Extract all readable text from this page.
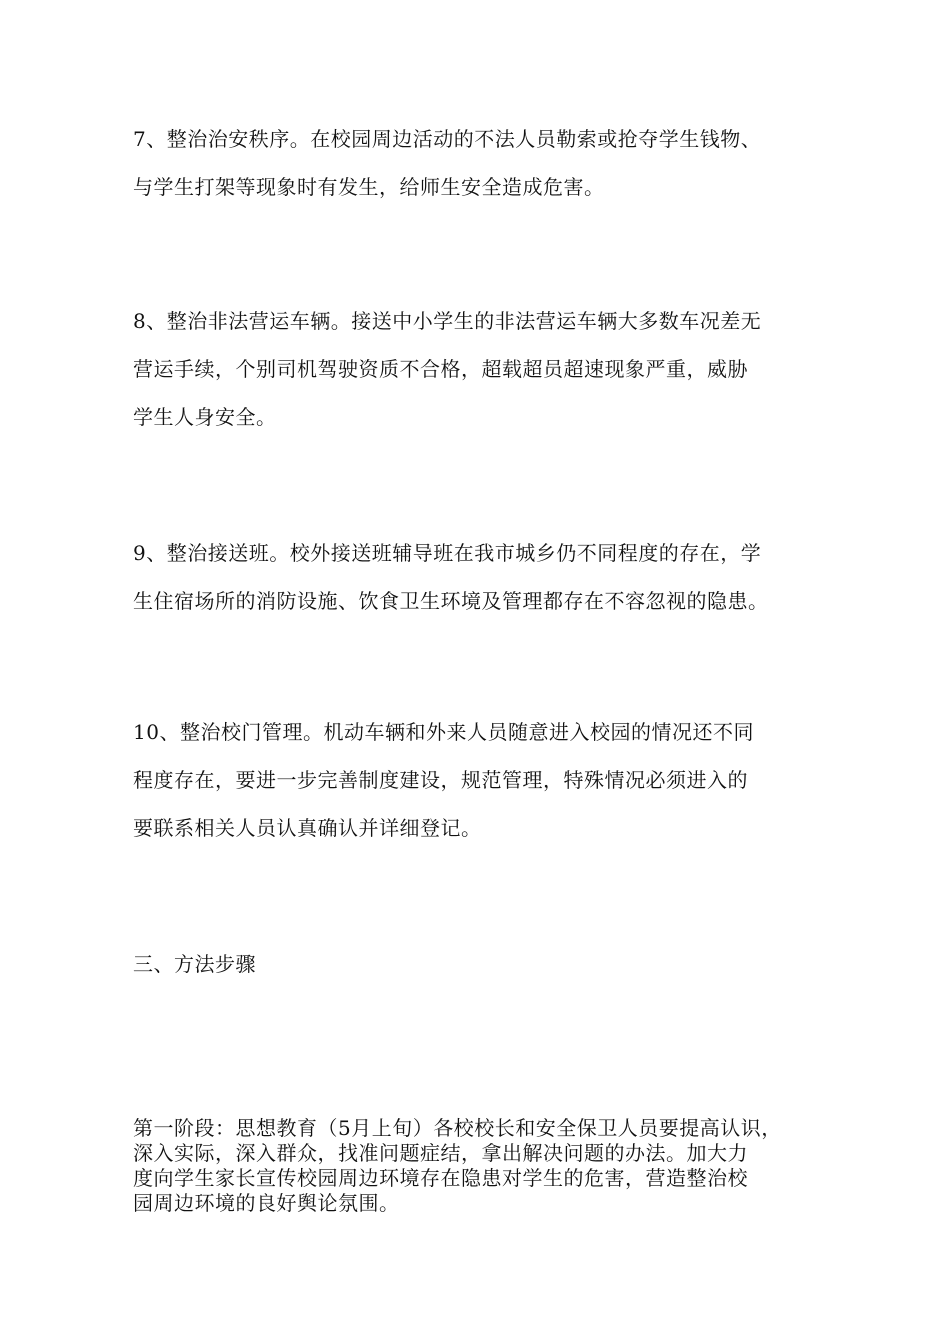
7、整治治安秩序。在校园周边活动的不法人员勒索或抢夺学生钱物、
与学生打架等现象时有发生，给师生安全造成危害。

8、整治非法营运车辆。接送中小学生的非法营运车辆大多数车况差无
营运手续，个别司机驾驶资质不合格，超载超员超速现象严重，威胁
学生人身安全。

9、整治接送班。校外接送班辅导班在我市城乡仍不同程度的存在，学
生住宿场所的消防设施、饮食卫生环境及管理都存在不容忽视的隐患。

10、整治校门管理。机动车辆和外来人员随意进入校园的情况还不同
程度存在，要进一步完善制度建设，规范管理，特殊情况必须进入的
要联系相关人员认真确认并详细登记。

三、方法步骤

第一阶段：思想教育（5月上旬）各校校长和安全保卫人员要提高认识，
深入实际，深入群众，找准问题症结，拿出解决问题的办法。加大力
度向学生家长宣传校园周边环境存在隐患对学生的危害，营造整治校
园周边环境的良好舆论氛围。
